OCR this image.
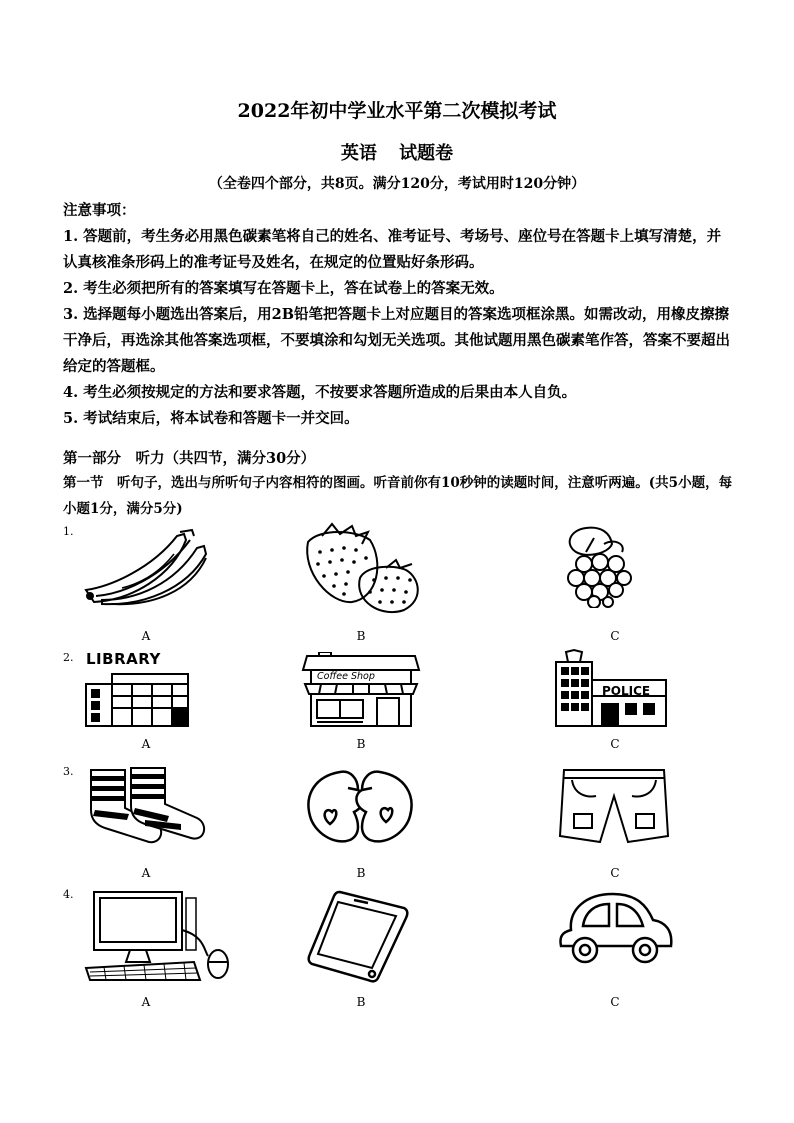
2022年初中学业水平第二次模拟考试
英语 试题卷
（全卷四个部分，共8页。满分120分，考试用时120分钟）

注意事项：

1. 答题前，考生务必用黑色碳素笔将自己的姓名、准考证号、考场号、座位号在答题卡上填写清楚，并认真核准条形码上的准考证号及姓名，在规定的位置贴好条形码。

2. 考生必须把所有的答案填写在答题卡上，答在试卷上的答案无效。

3. 选择题每小题选出答案后，用2B铅笔把答题卡上对应题目的答案选项框涂黑。如需改动，用橡皮擦擦干净后，再选涂其他答案选项框，不要填涂和勾划无关选项。其他试题用黑色碳素笔作答，答案不要超出给定的答题框。

4. 考生必须按规定的方法和要求答题，不按要求答题所造成的后果由本人自负。

5. 考试结束后，将本试卷和答题卡一并交回。

第一部分　听力（共四节，满分30分）
第一节　听句子，选出与所听句子内容相符的图画。听音前你有10秒钟的读题时间，注意听两遍。(共5小题，每小题1分，满分5分)
1.
A	B	C
2. LIBRARY
Coffee Shop
POLICE
A	B	C
3.
A	B	C
4.
A	B	C
